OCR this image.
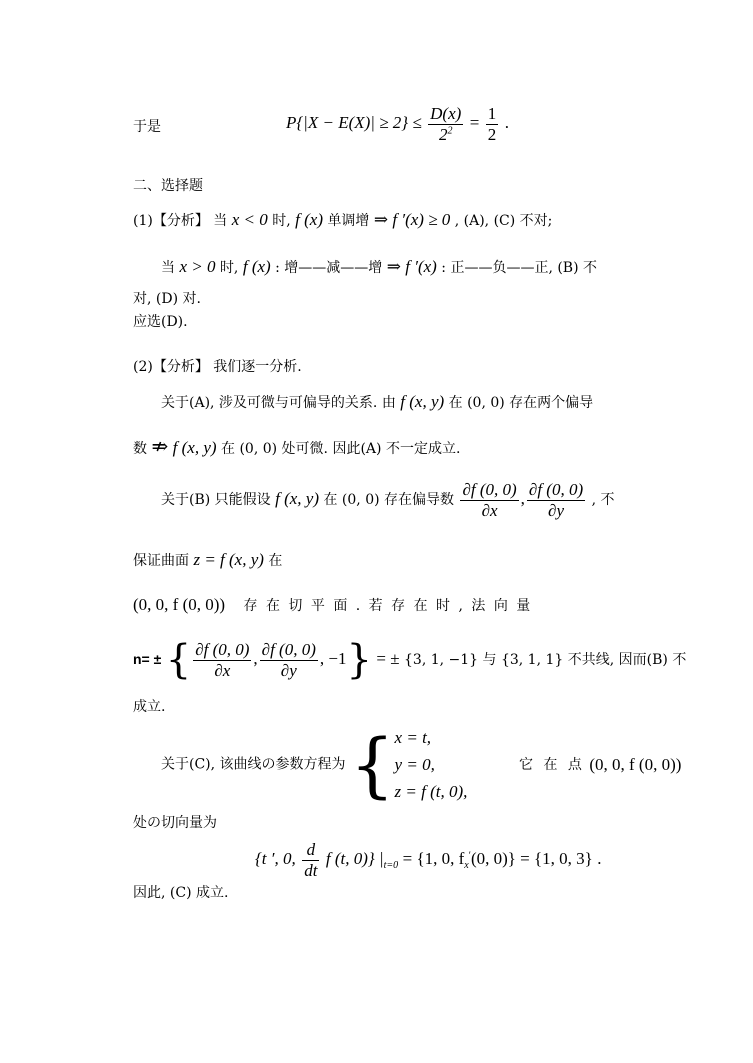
于是	$P\{|X - E(X)| \ge 2\} \le \frac{D(x)}{2^2} = \frac{1}{2}$ .
二、选择题
(1)【分析】 当 x < 0 时, f (x) 单调增 ⇒ f ′(x) ≥ 0 , (A), (C) 不对;
当 x > 0 时, f (x) : 增——减——增 ⇒ f ′(x) : 正——负——正, (B) 不
对, (D) 对.
应选(D).
(2)【分析】 我们逐一分析.
关于(A), 涉及可微与可偏导的关系. 由 f (x, y) 在 (0, 0) 存在两个偏导
数 ⇏ f (x, y) 在 (0, 0) 处可微. 因此(A) 不一定成立.
关于(B) 只能假设 f (x, y) 在 (0, 0) 存在偏导数 $\frac{\partial f (0, 0)}{\partial x}$ , $\frac{\partial f (0, 0)}{\partial y}$ , 不
保证曲面 z = f (x, y) 在
(0, 0, f (0, 0)) 存 在 切 平 面 . 若 存 在 时 , 法 向 量
n= ± { $\frac{\partial f (0, 0)}{\partial x}$ , $\frac{\partial f (0, 0)}{\partial y}$ , −1} = ± {3, 1, −1} 与 {3, 1, 1} 不共线, 因而(B) 不
成立.
关于(C), 该曲线の参数方程为 { x = t,
y = 0,
z = f (t, 0),
它 在 点 (0, 0, f (0, 0))
处の切向量为
{t ′, 0, $\frac{d}{dt}$ f (t, 0)} $|_{t=0} = \{1$, 0, $f_x'(0$, 0)} = {1, 0, 3} .
因此, (C) 成立.
